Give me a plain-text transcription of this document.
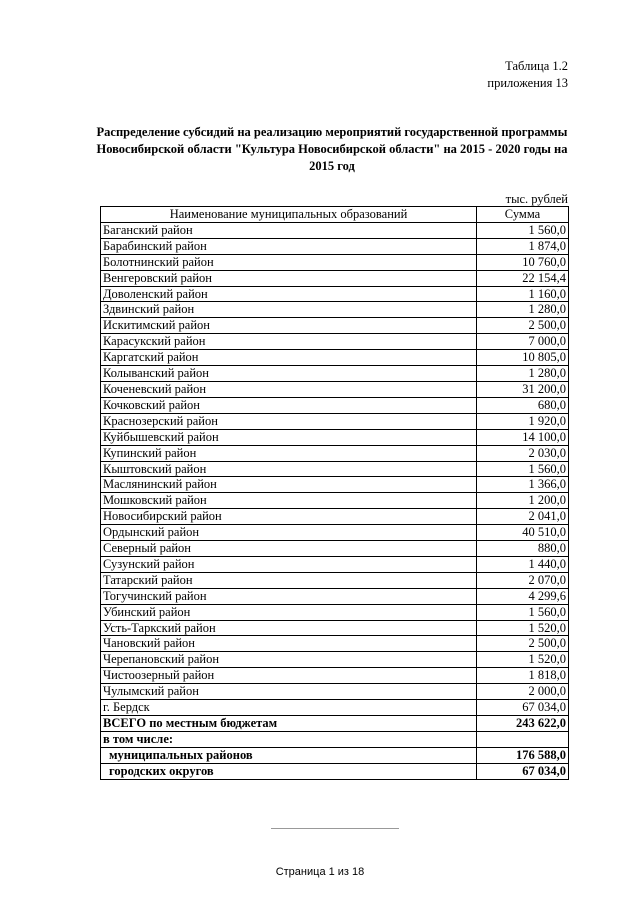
Таблица 1.2
приложения 13
Распределение субсидий на реализацию мероприятий государственной программы Новосибирской области "Культура Новосибирской области" на 2015 - 2020 годы на 2015 год
тыс. рублей
Наименование муниципальных образований	Сумма
Баганский район	1 560,0
Барабинский район	1 874,0
Болотнинский район	10 760,0
Венгеровский район	22 154,4
Доволенский район	1 160,0
Здвинский район	1 280,0
Искитимский район	2 500,0
Карасукский район	7 000,0
Каргатский район	10 805,0
Колыванский район	1 280,0
Коченевский район	31 200,0
Кочковский район	680,0
Краснозерский район	1 920,0
Куйбышевский район	14 100,0
Купинский район	2 030,0
Кыштовский район	1 560,0
Маслянинский район	1 366,0
Мошковский район	1 200,0
Новосибирский район	2 041,0
Ордынский район	40 510,0
Северный район	880,0
Сузунский район	1 440,0
Татарский район	2 070,0
Тогучинский район	4 299,6
Убинский район	1 560,0
Усть-Таркский район	1 520,0
Чановский район	2 500,0
Черепановский район	1 520,0
Чистоозерный район	1 818,0
Чулымский район	2 000,0
г. Бердск	67 034,0
ВСЕГО по местным бюджетам	243 622,0
в том числе:	
муниципальных районов	176 588,0
городских округов	67 034,0
Страница 1 из 18
